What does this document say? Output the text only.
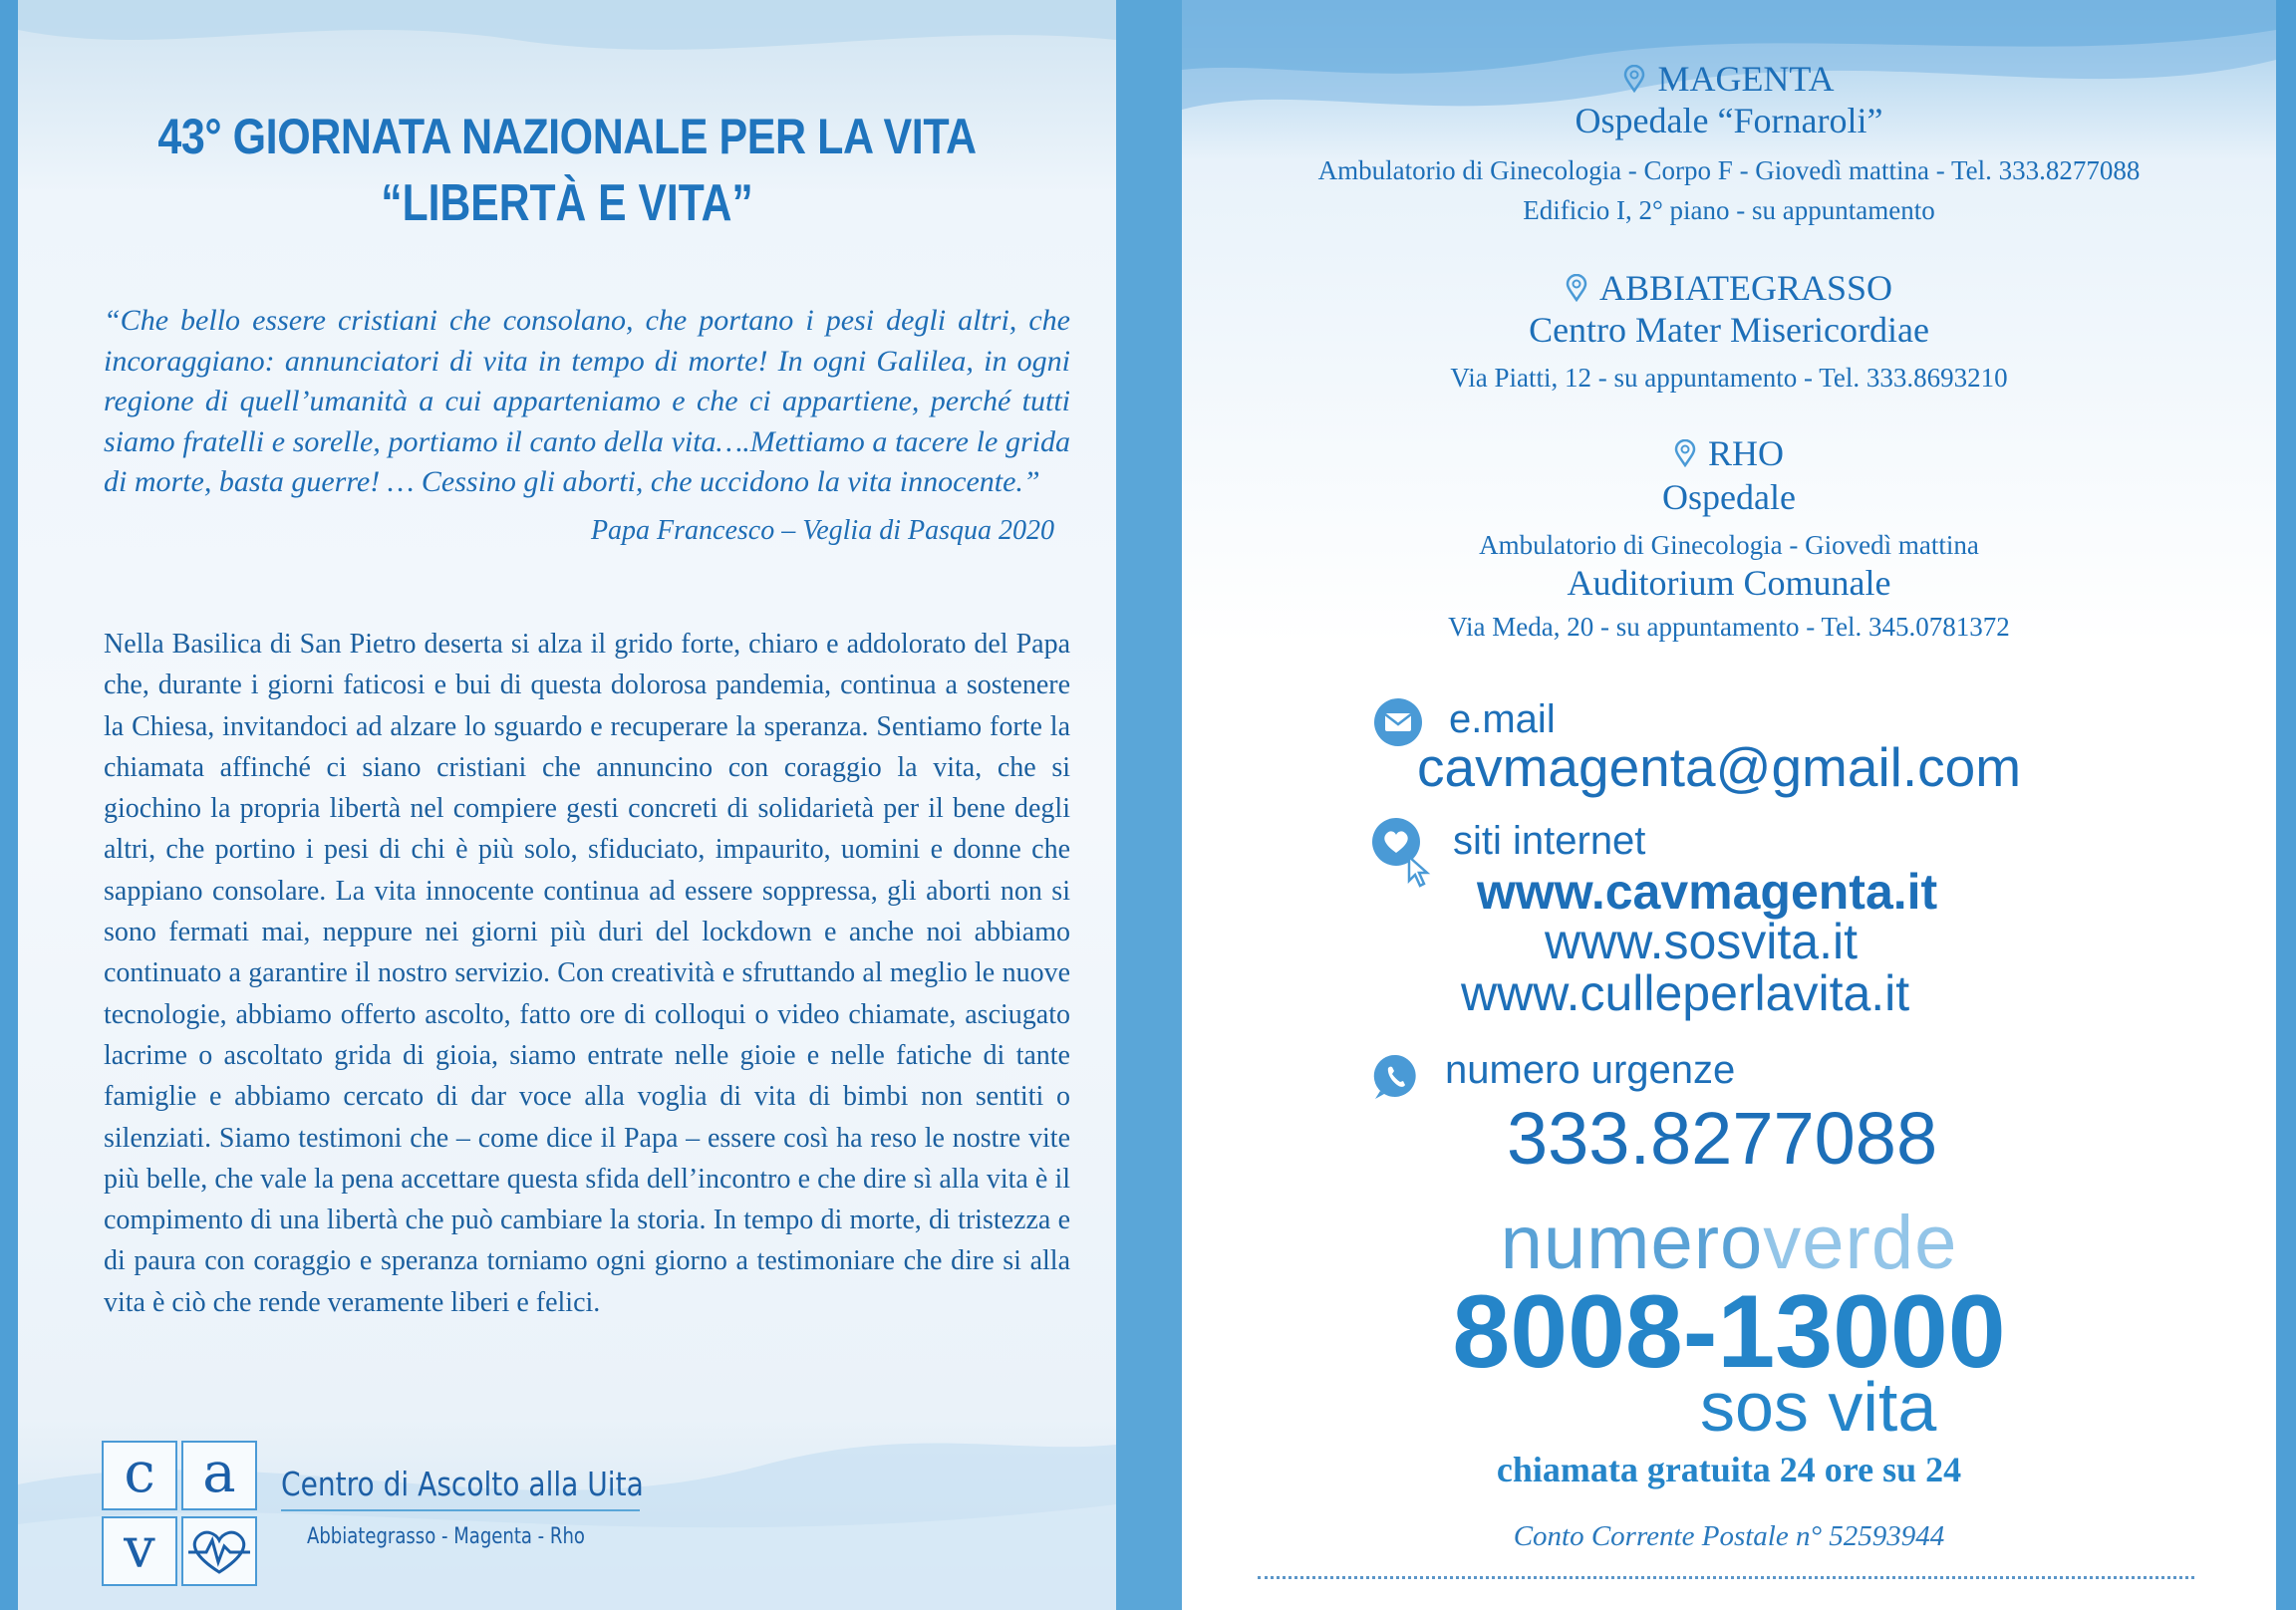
43° GIORNATA NAZIONALE PER LA VITA
“LIBERTÀ E VITA”
“Che bello essere cristiani che consolano, che portano i pesi degli altri, che incoraggiano: annunciatori di vita in tempo di morte! In ogni Galilea, in ogni regione di quell’umanità a cui apparteniamo e che ci appartiene, perché tutti siamo fratelli e sorelle, portiamo il canto della vita….Mettiamo a tacere le grida di morte, basta guerre! … Cessino gli aborti, che uccidono la vita innocente.”
Papa Francesco – Veglia di Pasqua 2020
Nella Basilica di San Pietro deserta si alza il grido forte, chiaro e addolorato del Papa che, durante i giorni faticosi e bui di questa dolorosa pandemia, continua a sostenere la Chiesa, invitandoci ad alzare lo sguardo e recuperare la speranza. Sentiamo forte la chiamata affinché ci siano cristiani che annuncino con coraggio la vita, che si giochino la propria libertà nel compiere gesti concreti di solidarietà per il bene degli altri, che portino i pesi di chi è più solo, sfiduciato, impaurito, uomini e donne che sappiano consolare. La vita innocente continua ad essere soppressa, gli aborti non si sono fermati mai, neppure nei giorni più duri del lockdown e anche noi abbiamo continuato a garantire il nostro servizio. Con creatività e sfruttando al meglio le nuove tecnologie, abbiamo offerto ascolto, fatto ore di colloqui o video chiamate, asciugato lacrime o ascoltato grida di gioia, siamo entrate nelle gioie e nelle fatiche di tante famiglie e abbiamo cercato di dar voce alla voglia di vita di bimbi non sentiti o silenziati. Siamo testimoni che – come dice il Papa – essere così ha reso le nostre vite più belle, che vale la pena accettare questa sfida dell’incontro e che dire sì alla vita è il compimento di una libertà che può cambiare la storia. In tempo di morte, di tristezza e di paura con coraggio e speranza torniamo ogni giorno a testimoniare che dire si alla vita è ciò che rende veramente liberi e felici.
c a
v
Centro di Ascolto alla Uita
Abbiategrasso - Magenta - Rho
MAGENTA
Ospedale “Fornaroli”
Ambulatorio di Ginecologia - Corpo F - Giovedì mattina - Tel. 333.8277088
Edificio I, 2° piano - su appuntamento
ABBIATEGRASSO
Centro Mater Misericordiae
Via Piatti, 12 - su appuntamento - Tel. 333.8693210
RHO
Ospedale
Ambulatorio di Ginecologia - Giovedì mattina
Auditorium Comunale
Via Meda, 20 - su appuntamento - Tel. 345.0781372
e.mail
cavmagenta@gmail.com
siti internet
www.cavmagenta.it
www.sosvita.it
www.culleperlavita.it
numero urgenze
333.8277088
numeroverde
8008-13000
sos vita
chiamata gratuita 24 ore su 24
Conto Corrente Postale n° 52593944
